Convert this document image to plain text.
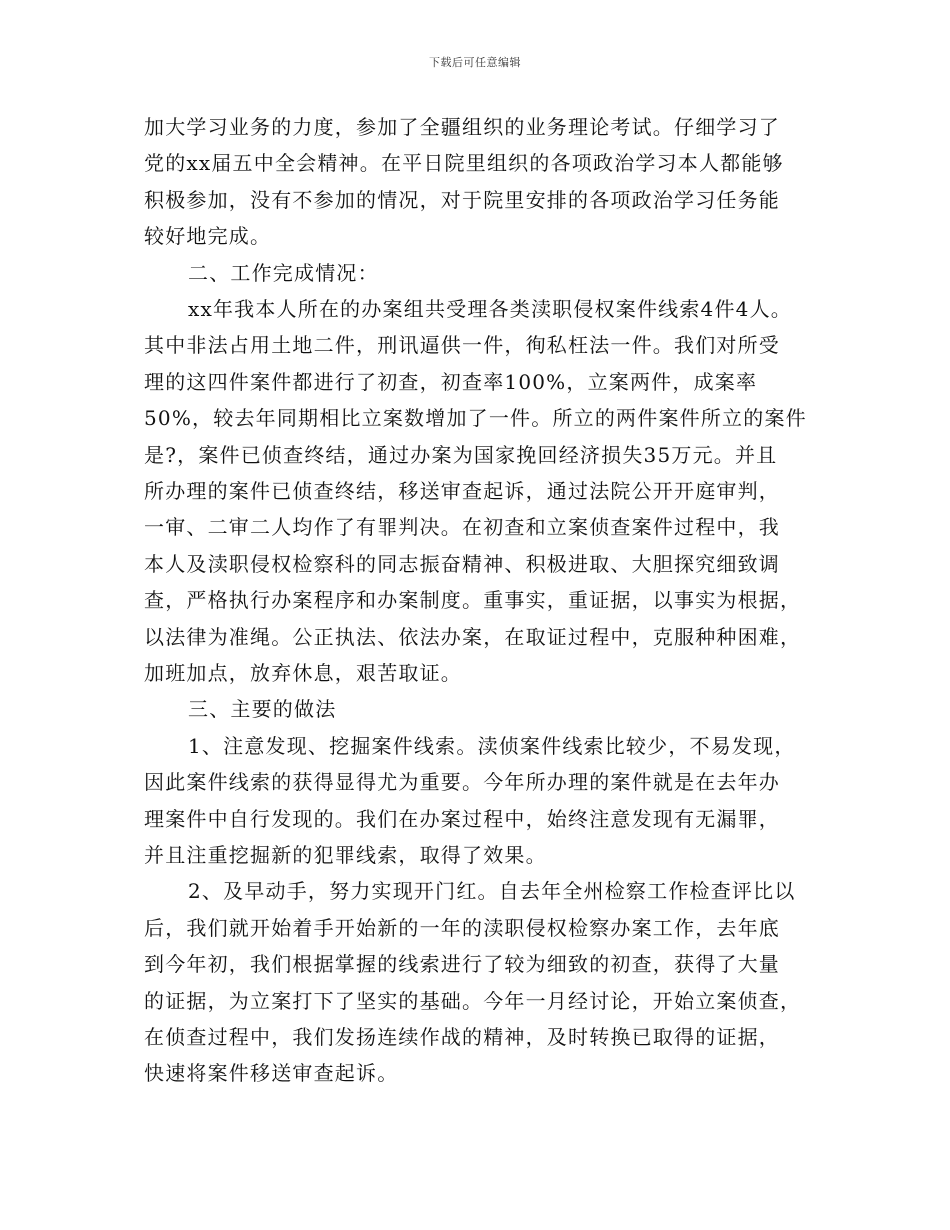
下载后可任意编辑
加大学习业务的力度，参加了全疆组织的业务理论考试。仔细学习了
党的xx届五中全会精神。在平日院里组织的各项政治学习本人都能够
积极参加，没有不参加的情况，对于院里安排的各项政治学习任务能
较好地完成。
二、工作完成情况：
xx年我本人所在的办案组共受理各类渎职侵权案件线索4件4人。
其中非法占用土地二件，刑讯逼供一件，徇私枉法一件。我们对所受
理的这四件案件都进行了初查，初查率100%，立案两件，成案率
50%，较去年同期相比立案数增加了一件。所立的两件案件所立的案件
是?，案件已侦查终结，通过办案为国家挽回经济损失35万元。并且
所办理的案件已侦查终结，移送审查起诉，通过法院公开开庭审判，
一审、二审二人均作了有罪判决。在初查和立案侦查案件过程中，我
本人及渎职侵权检察科的同志振奋精神、积极进取、大胆探究细致调
查，严格执行办案程序和办案制度。重事实，重证据，以事实为根据，
以法律为准绳。公正执法、依法办案，在取证过程中，克服种种困难，
加班加点，放弃休息，艰苦取证。
三、主要的做法
1、注意发现、挖掘案件线索。渎侦案件线索比较少，不易发现，
因此案件线索的获得显得尤为重要。今年所办理的案件就是在去年办
理案件中自行发现的。我们在办案过程中，始终注意发现有无漏罪，
并且注重挖掘新的犯罪线索，取得了效果。
2、及早动手，努力实现开门红。自去年全州检察工作检查评比以
后，我们就开始着手开始新的一年的渎职侵权检察办案工作，去年底
到今年初，我们根据掌握的线索进行了较为细致的初查，获得了大量
的证据，为立案打下了坚实的基础。今年一月经讨论，开始立案侦查，
在侦查过程中，我们发扬连续作战的精神，及时转换已取得的证据，
快速将案件移送审查起诉。
